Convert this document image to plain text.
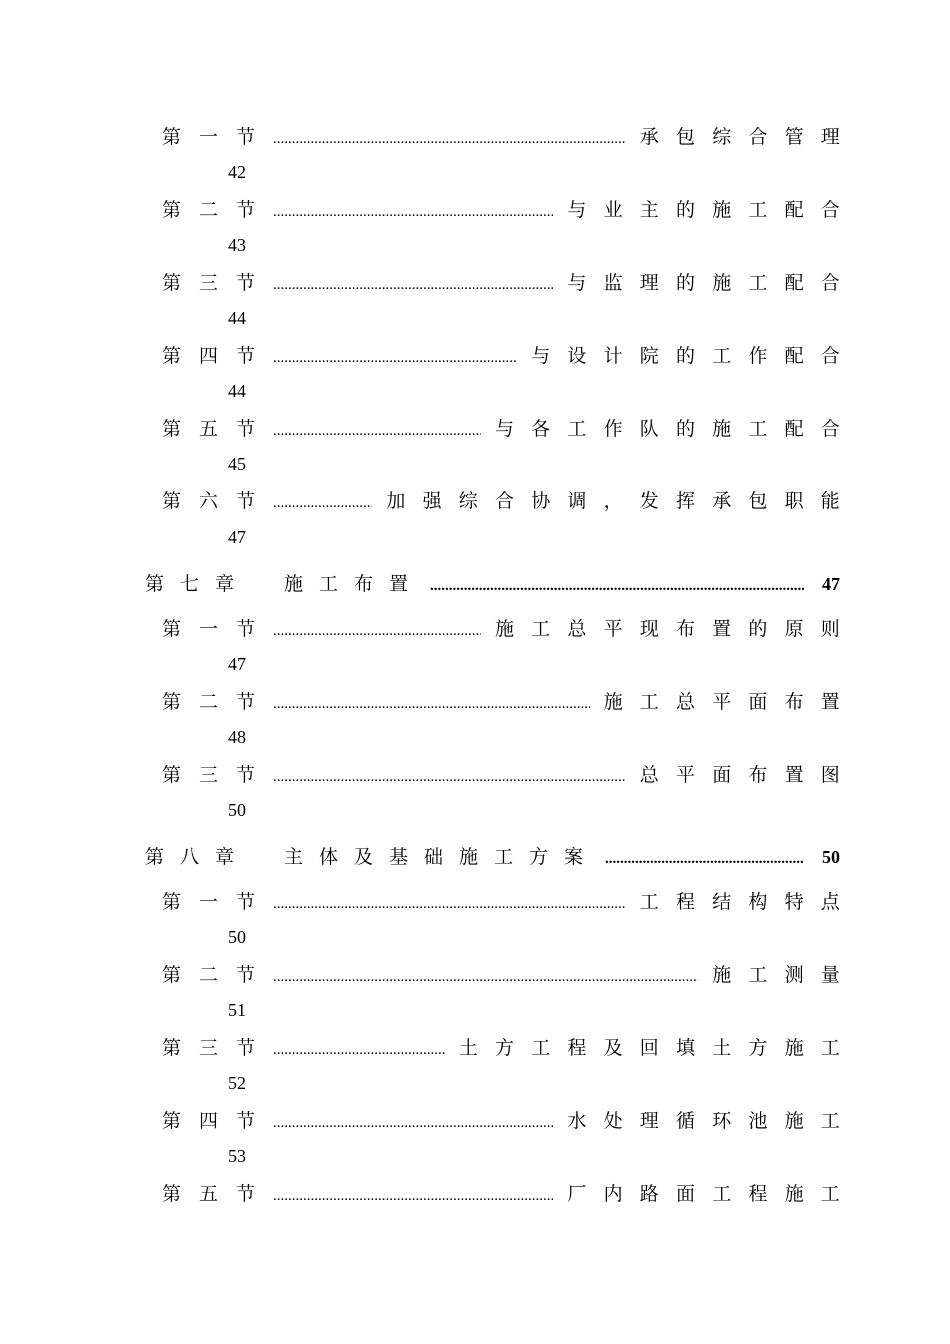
第一节 .....	承包综合管理
42
第二节 .....	与业主的施工配合
43
第三节 .....	与监理的施工配合
44
第四节 .....	与设计院的工作配合
44
第五节 .....	与各工作队的施工配合
45
第六节 .....	加强综合协调，发挥承包职能
47
第七章 施工布置 .....	47
第一节 .....	施工总平现布置的原则
47
第二节 .....	施工总平面布置
48
第三节 .....	总平面布置图
50
第八章 主体及基础施工方案 .....	50
第一节 .....	工程结构特点
50
第二节 .....	施工测量
51
第三节 .....	土方工程及回填土方施工
52
第四节 .....	水处理循环池施工
53
第五节 .....	厂内路面工程施工
